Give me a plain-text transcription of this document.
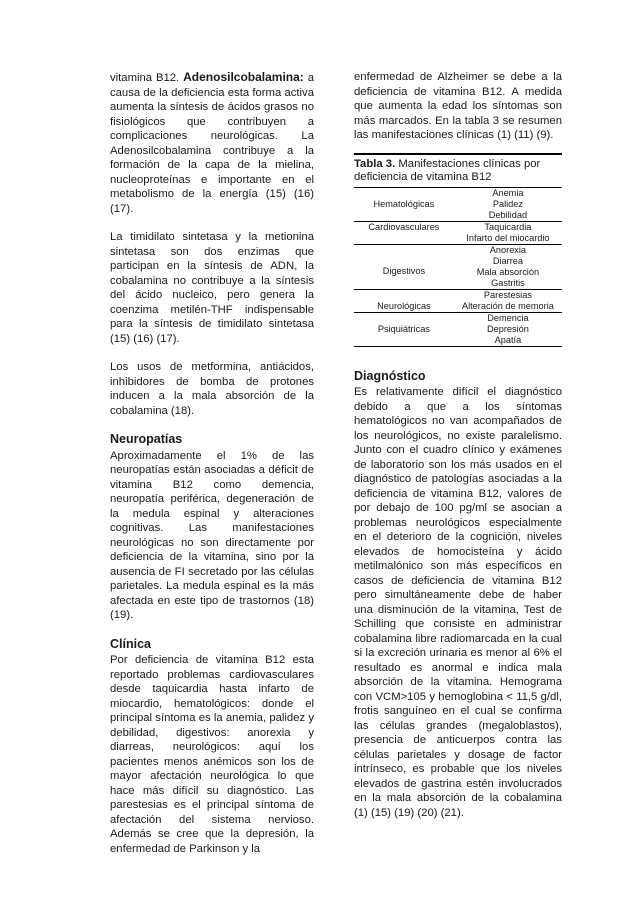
vitamina B12. Adenosilcobalamina: a causa de la deficiencia esta forma activa aumenta la síntesis de ácidos grasos no fisiológicos que contribuyen a complicaciones neurológicas. La Adenosilcobalamina contribuye a la formación de la capa de la mielina, nucleoproteínas e importante en el metabolismo de la energía (15) (16) (17).

La timidilato sintetasa y la metionina sintetasa son dos enzimas que participan en la síntesis de ADN, la cobalamina no contribuye a la síntesis del ácido nucleico, pero genera la coenzima metilén-THF indispensable para la síntesis de timidilato sintetasa (15) (16) (17).

Los usos de metformina, antiácidos, inhibidores de bomba de protones inducen a la mala absorción de la cobalamina (18).

Neuropatías

Aproximadamente el 1% de las neuropatías están asociadas a déficit de vitamina B12 como demencia, neuropatía periférica, degeneración de la medula espinal y alteraciones cognitivas. Las manifestaciones neurológicas no son directamente por deficiencia de la vitamina, sino por la ausencia de FI secretado por las células parietales. La medula espinal es la más afectada en este tipo de trastornos (18) (19).

Clínica

Por deficiencia de vitamina B12 esta reportado problemas cardiovasculares desde taquicardia hasta infarto de miocardio, hematológicos: donde el principal síntoma es la anemia, palidez y debilidad, digestivos: anorexia y diarreas, neurológicos: aquí los pacientes menos anémicos son los de mayor afectación neurológica lo que hace más difícil su diagnóstico. Las parestesias es el principal síntoma de afectación del sistema nervioso. Además se cree que la depresión, la enfermedad de Parkinson y la

enfermedad de Alzheimer se debe a la deficiencia de vitamina B12. A medida que aumenta la edad los síntomas son más marcados. En la tabla 3 se resumen las manifestaciones clínicas (1) (11) (9).

Tabla 3. Manifestaciones clínicas por deficiencia de vitamina B12
Hematológicas	Anemia
Palidez
Debilidad

Cardiovasculares	Taquicardia
Infarto del miocardio

Digestivos	Anorexia
Diarrea
Mala absorción
Gastritis

Neurológicas	Parestesias
Alteración de memoria

Psiquiátricas	Demencia
Depresión
Apatía
Diagnóstico

Es relativamente difícil el diagnóstico debido a que a los síntomas hematológicos no van acompañados de los neurológicos, no existe paralelismo. Junto con el cuadro clínico y exámenes de laboratorio son los más usados en el diagnóstico de patologías asociadas a la deficiencia de vitamina B12, valores de por debajo de 100 pg/ml se asocian a problemas neurológicos especialmente en el deterioro de la cognición, niveles elevados de homocisteína y ácido metilmalónico son más específicos en casos de deficiencia de vitamina B12 pero simultáneamente debe de haber una disminución de la vitamina, Test de Schilling que consiste en administrar cobalamina libre radiomarcada en la cual si la excreción urinaria es menor al 6% el resultado es anormal e indica mala absorción de la vitamina. Hemograma con VCM>105 y hemoglobina < 11,5 g/dl, frotis sanguíneo en el cual se confirma las células grandes (megaloblastos), presencia de anticuerpos contra las células parietales y dosage de factor intrínseco, es probable que los niveles elevados de gastrina estén involucrados en la mala absorción de la cobalamina (1) (15) (19) (20) (21).
